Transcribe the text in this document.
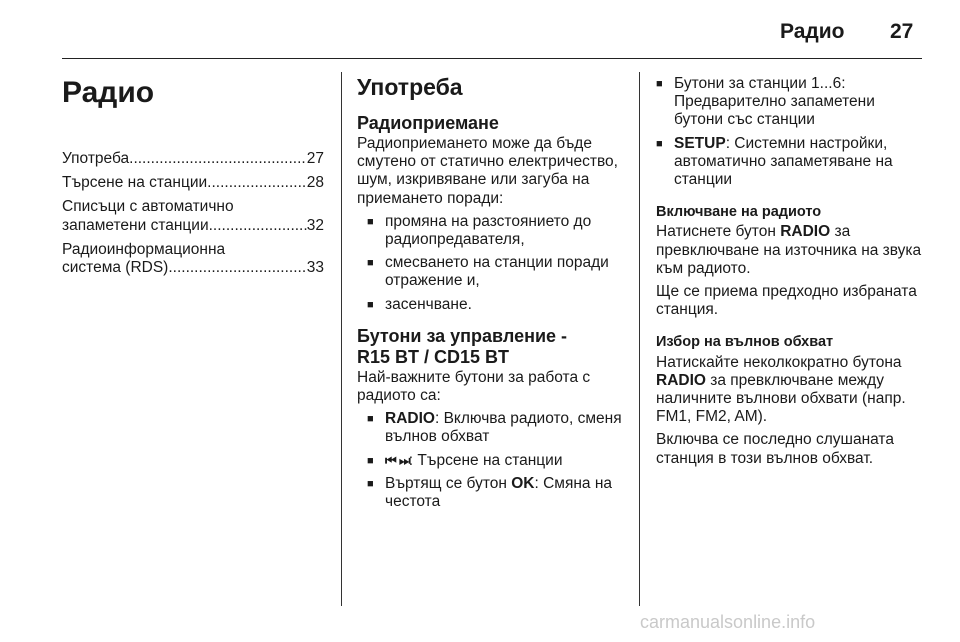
Радио 27
Радио
Употреба .....	27
Търсене на станции .....	28
Списъци с автоматично
запаметени станции .....	32
Радиоинформационна
система (RDS) .....	33
Употреба
Радиоприемане

Радиоприемането може да бъде смутено от статично електричество, шум, изкривяване или загуба на приемането поради:

■ промяна на разстоянието до радиопредавателя,
■ смесването на станции поради отражение и,
■ засенчване.
Бутони за управление -
R15 BT / CD15 BT

Най-важните бутони за работа с радиото са:

■ RADIO: Включва радиото, сменя вълнов обхват
■ ⏮ ⏭: Търсене на станции
■ Въртящ се бутон OK: Смяна на честота
■ Бутони за станции 1...6: Предварително запаметени бутони със станции
■ SETUP: Системни настройки, автоматично запаметяване на станции
Включване на радиото

Натиснете бутон RADIO за превключване на източника на звука към радиото.

Ще се приема предходно избраната станция.

Избор на вълнов обхват

Натискайте неколкократно бутона RADIO за превключване между наличните вълнови обхвати (напр. FM1, FM2, AM).

Включва се последно слушаната станция в този вълнов обхват.

carmanualsonline.info
